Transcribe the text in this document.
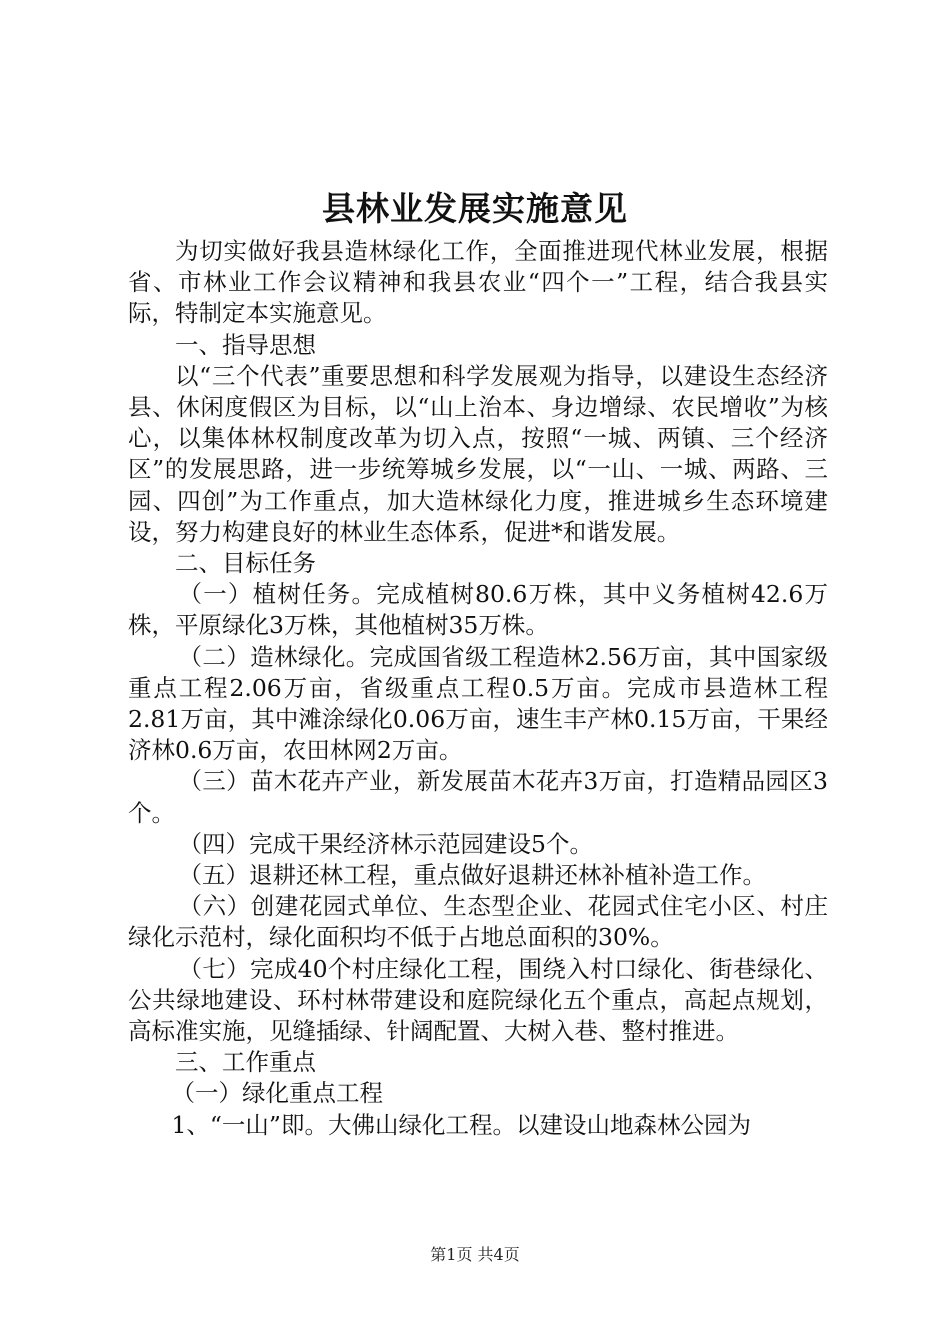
县林业发展实施意见

为切实做好我县造林绿化工作，全面推进现代林业发展，根据省、市林业工作会议精神和我县农业“四个一”工程，结合我县实际，特制定本实施意见。

一、指导思想

以“三个代表”重要思想和科学发展观为指导，以建设生态经济县、休闲度假区为目标，以“山上治本、身边增绿、农民增收”为核心，以集体林权制度改革为切入点，按照“一城、两镇、三个经济区”的发展思路，进一步统筹城乡发展，以“一山、一城、两路、三园、四创”为工作重点，加大造林绿化力度，推进城乡生态环境建设，努力构建良好的林业生态体系，促进*和谐发展。

二、目标任务

（一）植树任务。完成植树80.6万株，其中义务植树42.6万株，平原绿化3万株，其他植树35万株。

（二）造林绿化。完成国省级工程造林2.56万亩，其中国家级重点工程2.06万亩，省级重点工程0.5万亩。完成市县造林工程2.81万亩，其中滩涂绿化0.06万亩，速生丰产林0.15万亩，干果经济林0.6万亩，农田林网2万亩。

（三）苗木花卉产业，新发展苗木花卉3万亩，打造精品园区3个。

（四）完成干果经济林示范园建设5个。

（五）退耕还林工程，重点做好退耕还林补植补造工作。

（六）创建花园式单位、生态型企业、花园式住宅小区、村庄绿化示范村，绿化面积均不低于占地总面积的30%。

（七）完成40个村庄绿化工程，围绕入村口绿化、街巷绿化、公共绿地建设、环村林带建设和庭院绿化五个重点，高起点规划，高标准实施，见缝插绿、针阔配置、大树入巷、整村推进。

三、工作重点

（一）绿化重点工程

1、“一山”即。大佛山绿化工程。以建设山地森林公园为

第1页 共4页
